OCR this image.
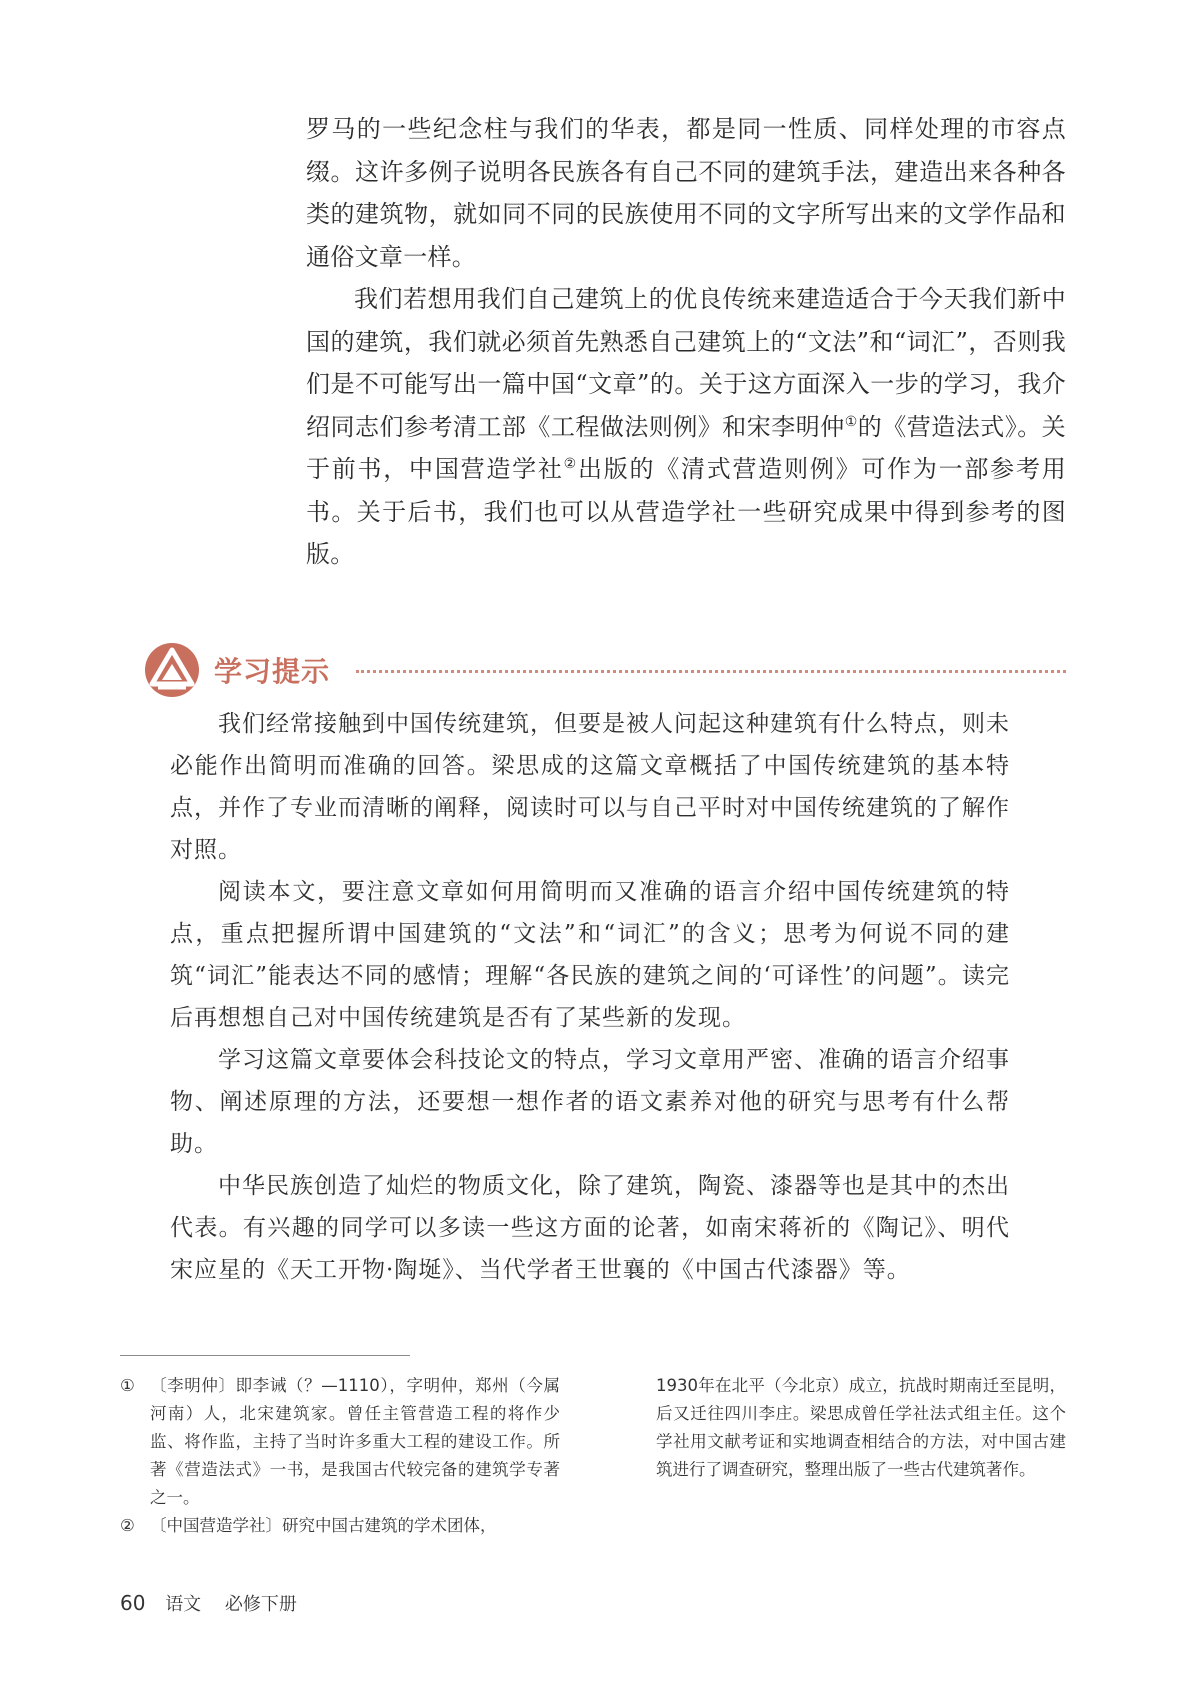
罗马的一些纪念柱与我们的华表，都是同一性质、同样处理的市容点缀。这许多例子说明各民族各有自己不同的建筑手法，建造出来各种各类的建筑物，就如同不同的民族使用不同的文字所写出来的文学作品和通俗文章一样。

我们若想用我们自己建筑上的优良传统来建造适合于今天我们新中国的建筑，我们就必须首先熟悉自己建筑上的“文法”和“词汇”，否则我们是不可能写出一篇中国“文章”的。关于这方面深入一步的学习，我介绍同志们参考清工部《工程做法则例》和宋李明仲①的《营造法式》。关于前书，中国营造学社②出版的《清式营造则例》可作为一部参考用书。关于后书，我们也可以从营造学社一些研究成果中得到参考的图版。

学习提示

我们经常接触到中国传统建筑，但要是被人问起这种建筑有什么特点，则未必能作出简明而准确的回答。梁思成的这篇文章概括了中国传统建筑的基本特点，并作了专业而清晰的阐释，阅读时可以与自己平时对中国传统建筑的了解作对照。

阅读本文，要注意文章如何用简明而又准确的语言介绍中国传统建筑的特点，重点把握所谓中国建筑的“文法”和“词汇”的含义；思考为何说不同的建筑“词汇”能表达不同的感情；理解“各民族的建筑之间的‘可译性’的问题”。读完后再想想自己对中国传统建筑是否有了某些新的发现。

学习这篇文章要体会科技论文的特点，学习文章用严密、准确的语言介绍事物、阐述原理的方法，还要想一想作者的语文素养对他的研究与思考有什么帮助。

中华民族创造了灿烂的物质文化，除了建筑，陶瓷、漆器等也是其中的杰出代表。有兴趣的同学可以多读一些这方面的论著，如南宋蒋祈的《陶记》、明代宋应星的《天工开物·陶埏》、当代学者王世襄的《中国古代漆器》等。

① 〔李明仲〕即李诫（？—1110），字明仲，郑州（今属河南）人，北宋建筑家。曾任主管营造工程的将作少监、将作监，主持了当时许多重大工程的建设工作。所著《营造法式》一书，是我国古代较完备的建筑学专著之一。

② 〔中国营造学社〕研究中国古建筑的学术团体，

1930年在北平（今北京）成立，抗战时期南迁至昆明，后又迁往四川李庄。梁思成曾任学社法式组主任。这个学社用文献考证和实地调查相结合的方法，对中国古建筑进行了调查研究，整理出版了一些古代建筑著作。

60 语文 必修下册
